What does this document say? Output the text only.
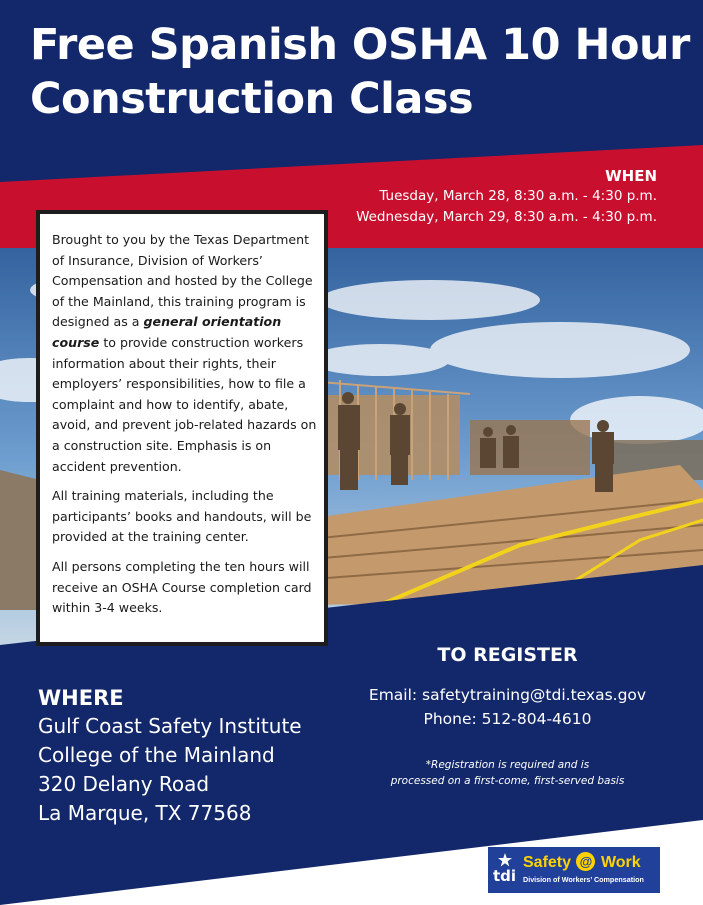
Free Spanish OSHA 10 Hour
Construction Class
WHEN
Tuesday, March 28, 8:30 a.m. - 4:30 p.m.
Wednesday, March 29, 8:30 a.m. - 4:30 p.m.

Brought to you by the Texas Department of Insurance, Division of Workers’ Compensation and hosted by the College of the Mainland, this training program is designed as a general orientation course to provide construction workers information about their rights, their employers’ responsibilities, how to file a complaint and how to identify, abate, avoid, and prevent job-related hazards on a construction site. Emphasis is on accident prevention.

All training materials, including the participants’ books and handouts, will be provided at the training center.

All persons completing the ten hours will receive an OSHA Course completion card within 3-4 weeks.

WHERE
Gulf Coast Safety Institute
College of the Mainland
320 Delany Road
La Marque, TX 77568
TO REGISTER
Email: safetytraining@tdi.texas.gov
Phone: 512-804-4610
*Registration is required and is
processed on a first-come, first-served basis
tdi
Safety @ Work
Division of Workers’ Compensation
